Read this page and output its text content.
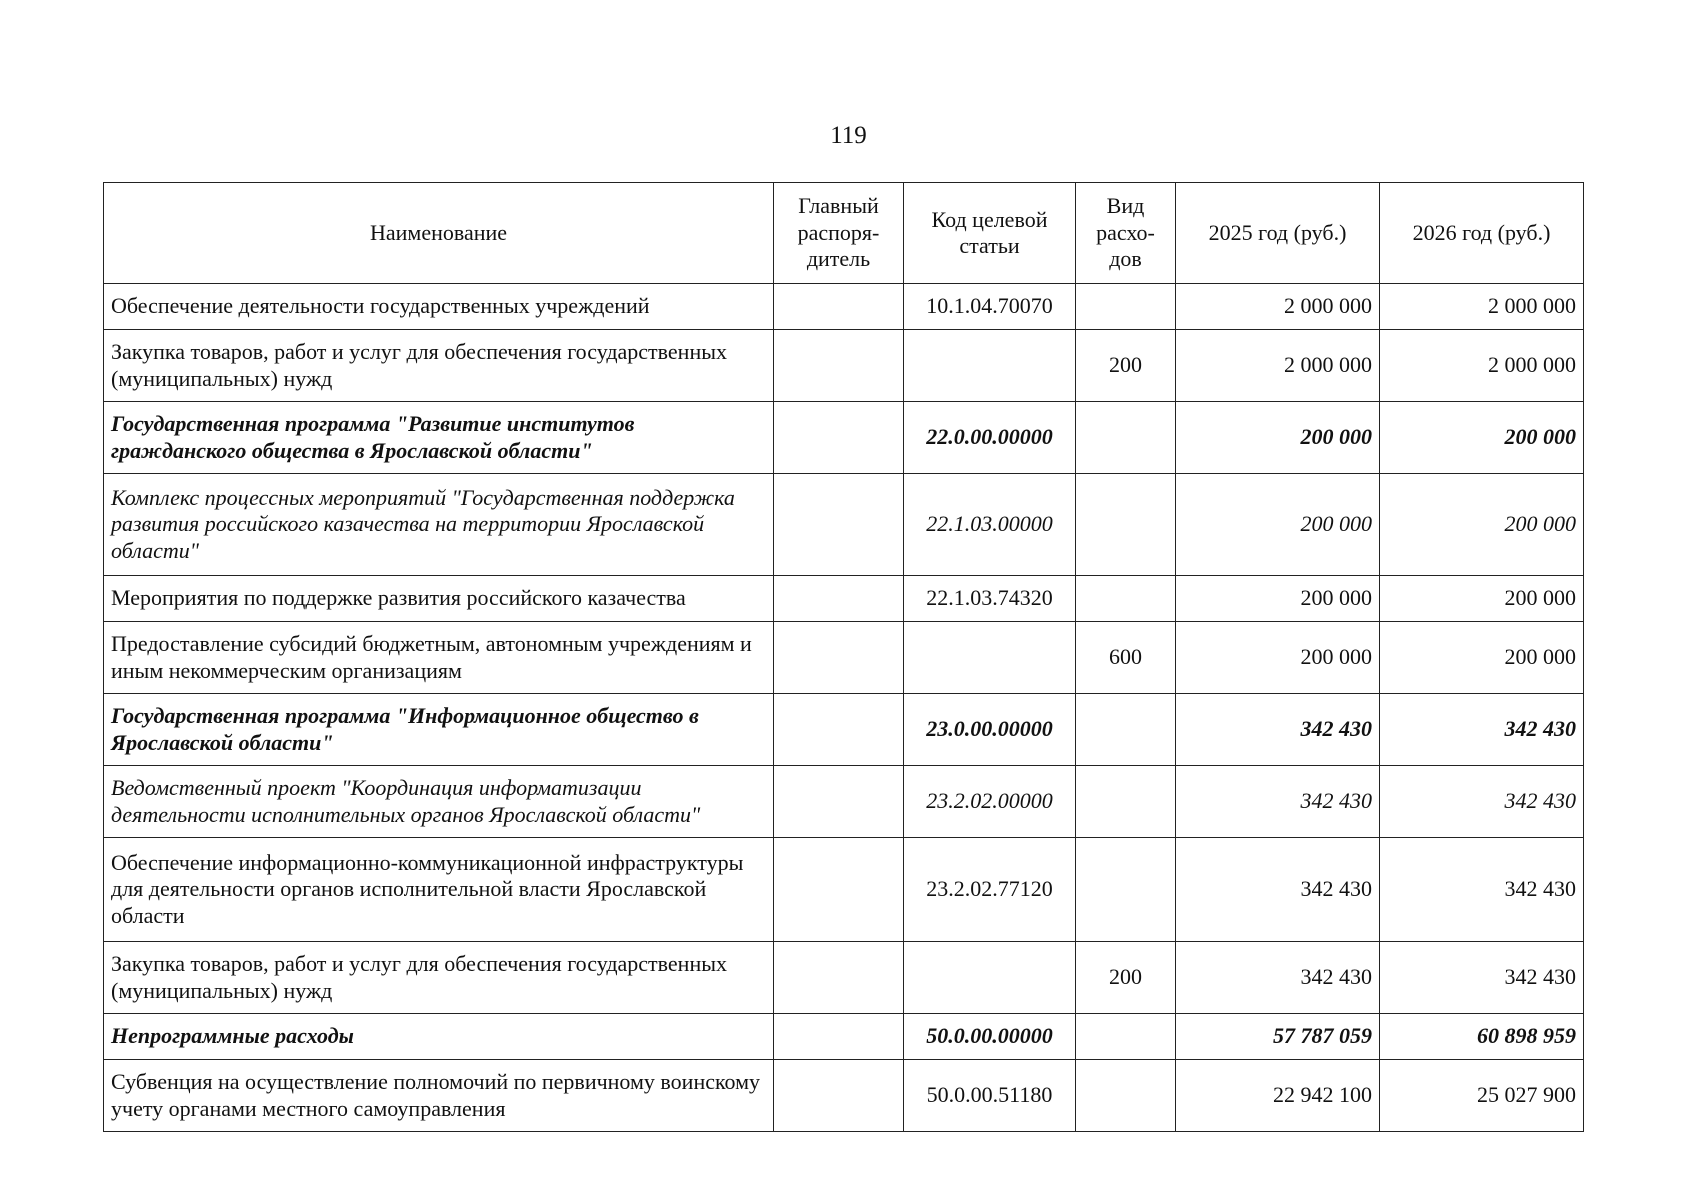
119
Наименование	Главный распоря-дитель	Код целевой статьи	Вид расхо-дов	2025 год (руб.)	2026 год (руб.)
Обеспечение деятельности государственных учреждений		10.1.04.70070		2 000 000	2 000 000
Закупка товаров, работ и услуг для обеспечения государственных (муниципальных) нужд			200	2 000 000	2 000 000
Государственная программа "Развитие институтов гражданского общества в Ярославской области"		22.0.00.00000		200 000	200 000
Комплекс процессных мероприятий "Государственная поддержка развития российского казачества на территории Ярославской области"		22.1.03.00000		200 000	200 000
Мероприятия по поддержке развития российского казачества		22.1.03.74320		200 000	200 000
Предоставление субсидий бюджетным, автономным учреждениям и иным некоммерческим организациям			600	200 000	200 000
Государственная программа "Информационное общество в Ярославской области"		23.0.00.00000		342 430	342 430
Ведомственный проект "Координация информатизации деятельности исполнительных органов Ярославской области"		23.2.02.00000		342 430	342 430
Обеспечение информационно-коммуникационной инфраструктуры для деятельности органов исполнительной власти Ярославской области		23.2.02.77120		342 430	342 430
Закупка товаров, работ и услуг для обеспечения государственных (муниципальных) нужд			200	342 430	342 430
Непрограммные расходы		50.0.00.00000		57 787 059	60 898 959
Субвенция на осуществление полномочий по первичному воинскому учету органами местного самоуправления		50.0.00.51180		22 942 100	25 027 900
